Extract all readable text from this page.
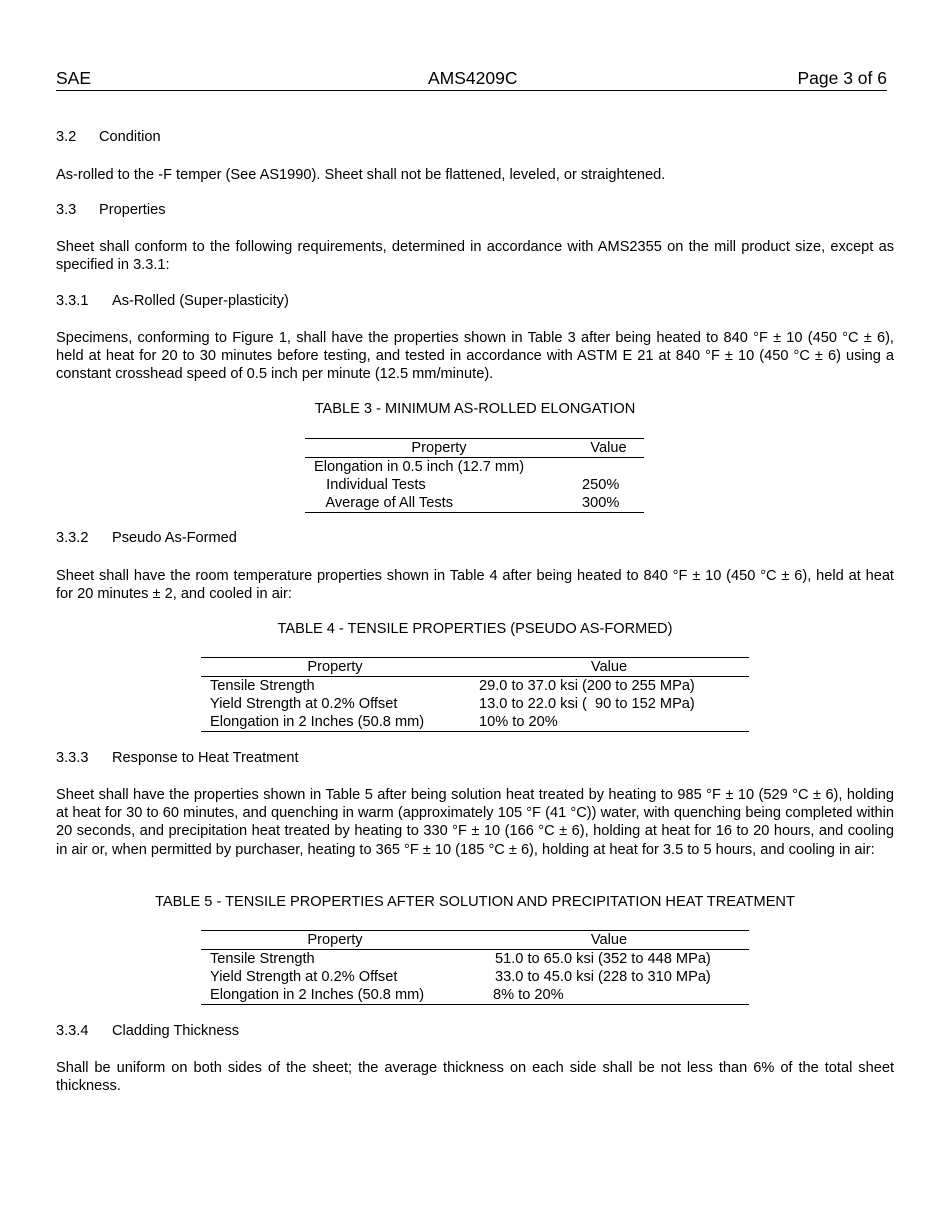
SAE	AMS4209C	Page 3 of 6
3.2 Condition

As-rolled to the -F temper (See AS1990). Sheet shall not be flattened, leveled, or straightened.

3.3 Properties

Sheet shall conform to the following requirements, determined in accordance with AMS2355 on the mill product size, except as specified in 3.3.1:

3.3.1 As-Rolled (Super-plasticity)

Specimens, conforming to Figure 1, shall have the properties shown in Table 3 after being heated to 840 °F ± 10 (450 °C ± 6), held at heat for 20 to 30 minutes before testing, and tested in accordance with ASTM E 21 at 840 °F ± 10 (450 °C ± 6) using a constant crosshead speed of 0.5 inch per minute (12.5 mm/minute).

TABLE 3 - MINIMUM AS-ROLLED ELONGATION
Property	Value
Elongation in 0.5 inch (12.7 mm)	
Individual Tests	250%
Average of All Tests	300%
3.3.2 Pseudo As-Formed

Sheet shall have the room temperature properties shown in Table 4 after being heated to 840 °F ± 10 (450 °C ± 6), held at heat for 20 minutes ± 2, and cooled in air:

TABLE 4 - TENSILE PROPERTIES (PSEUDO AS-FORMED)
Property	Value
Tensile Strength	29.0 to 37.0 ksi (200 to 255 MPa)
Yield Strength at 0.2% Offset	13.0 to 22.0 ksi (  90 to 152 MPa)
Elongation in 2 Inches (50.8 mm)	10% to 20%
3.3.3 Response to Heat Treatment

Sheet shall have the properties shown in Table 5 after being solution heat treated by heating to 985 °F ± 10 (529 °C ± 6), holding at heat for 30 to 60 minutes, and quenching in warm (approximately 105 °F (41 °C)) water, with quenching being completed within 20 seconds, and precipitation heat treated by heating to 330 °F ± 10 (166 °C ± 6), holding at heat for 16 to 20 hours, and cooling in air or, when permitted by purchaser, heating to 365 °F ± 10 (185 °C ± 6), holding at heat for 3.5 to 5 hours, and cooling in air:

TABLE 5 - TENSILE PROPERTIES AFTER SOLUTION AND PRECIPITATION HEAT TREATMENT
Property	Value
Tensile Strength	51.0 to 65.0 ksi (352 to 448 MPa)
Yield Strength at 0.2% Offset	33.0 to 45.0 ksi (228 to 310 MPa)
Elongation in 2 Inches (50.8 mm)	8% to 20%
3.3.4 Cladding Thickness

Shall be uniform on both sides of the sheet; the average thickness on each side shall be not less than 6% of the total sheet thickness.
